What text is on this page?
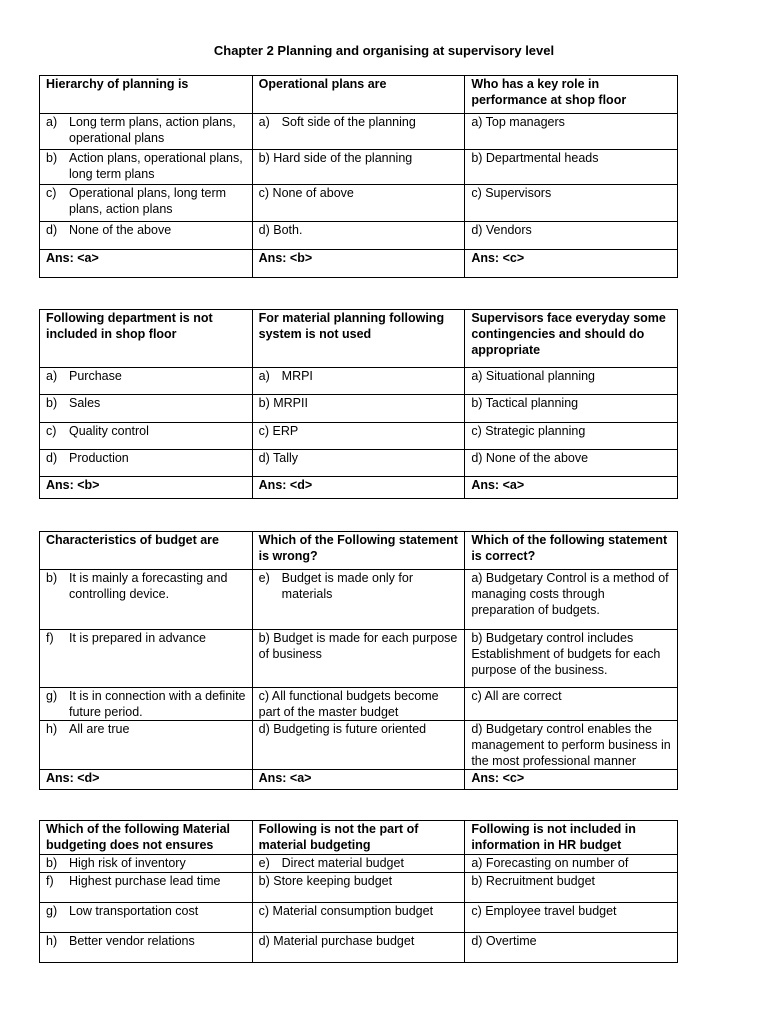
Chapter 2 Planning and organising at supervisory level
Hierarchy of planning is	Operational plans are	Who has a key role in performance at shop floor

a) Long term plans, action plans, operational plans	a) Soft side of the planning	a) Top managers

b) Action plans, operational plans, long term plans	b) Hard side of the planning	b) Departmental heads

c) Operational plans, long term plans, action plans	c) None of above	c) Supervisors

d) None of the above	d) Both.	d) Vendors
Ans: <a>	Ans: <b>	Ans: <c>
Following department is not included in shop floor	For material planning following system is not used	Supervisors face everyday some contingencies and should do appropriate

a) Purchase	a) MRPI	a) Situational planning

b) Sales	b) MRPII	b) Tactical planning

c) Quality control	c) ERP	c) Strategic planning

d) Production	d) Tally	d) None of the above
Ans: <b>	Ans: <d>	Ans: <a>
Characteristics of budget are	Which of the Following statement is wrong?	Which of the following statement is correct?

b) It is mainly a forecasting and controlling device.	e) Budget is made only for materials	a) Budgetary Control is a method of managing costs through preparation of budgets.

f) It is prepared in advance	b) Budget is made for each purpose of business	b) Budgetary control includes Establishment of budgets for each purpose of the business.

g) It is in connection with a definite future period.	c) All functional budgets become part of the master budget	c) All are correct

h) All are true	d) Budgeting is future oriented	d) Budgetary control enables the management to perform business in the most professional manner
Ans: <d>	Ans: <a>	Ans: <c>
Which of the following Material budgeting does not ensures	Following is not the part of material budgeting	Following is not included in information in HR budget

b) High risk of inventory	e) Direct material budget	a) Forecasting on number of

f) Highest purchase lead time	b) Store keeping budget	b) Recruitment budget

g) Low transportation cost	c) Material consumption budget	c) Employee travel budget

h) Better vendor relations	d) Material purchase budget	d) Overtime
